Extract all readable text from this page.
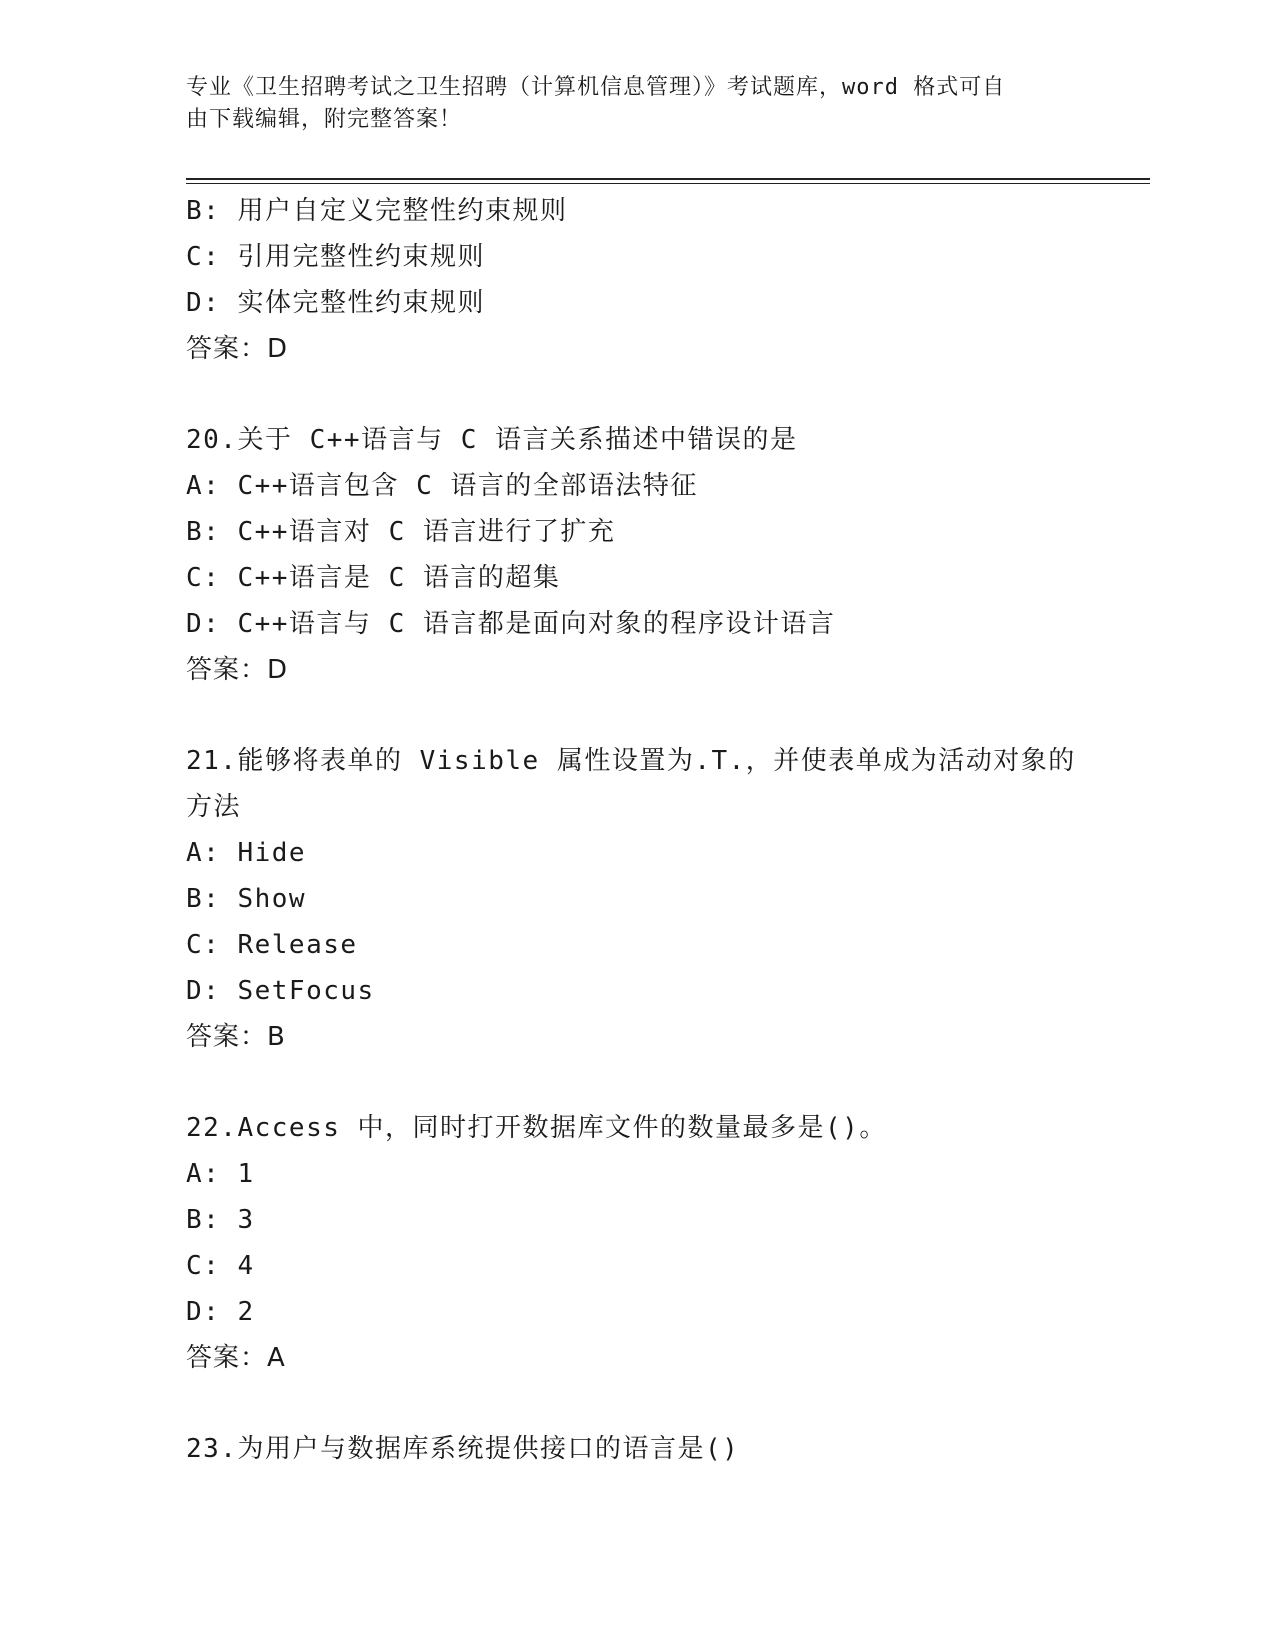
专业《卫生招聘考试之卫生招聘（计算机信息管理）》考试题库，word 格式可自
由下载编辑，附完整答案！
B: 用户自定义完整性约束规则
C: 引用完整性约束规则
D: 实体完整性约束规则
答案：D
20.关于 C++语言与 C 语言关系描述中错误的是
A: C++语言包含 C 语言的全部语法特征
B: C++语言对 C 语言进行了扩充
C: C++语言是 C 语言的超集
D: C++语言与 C 语言都是面向对象的程序设计语言
答案：D
21.能够将表单的 Visible 属性设置为.T.，并使表单成为活动对象的
方法
A: Hide
B: Show
C: Release
D: SetFocus
答案：B
22.Access 中，同时打开数据库文件的数量最多是()。
A: 1
B: 3
C: 4
D: 2
答案：A
23.为用户与数据库系统提供接口的语言是()
